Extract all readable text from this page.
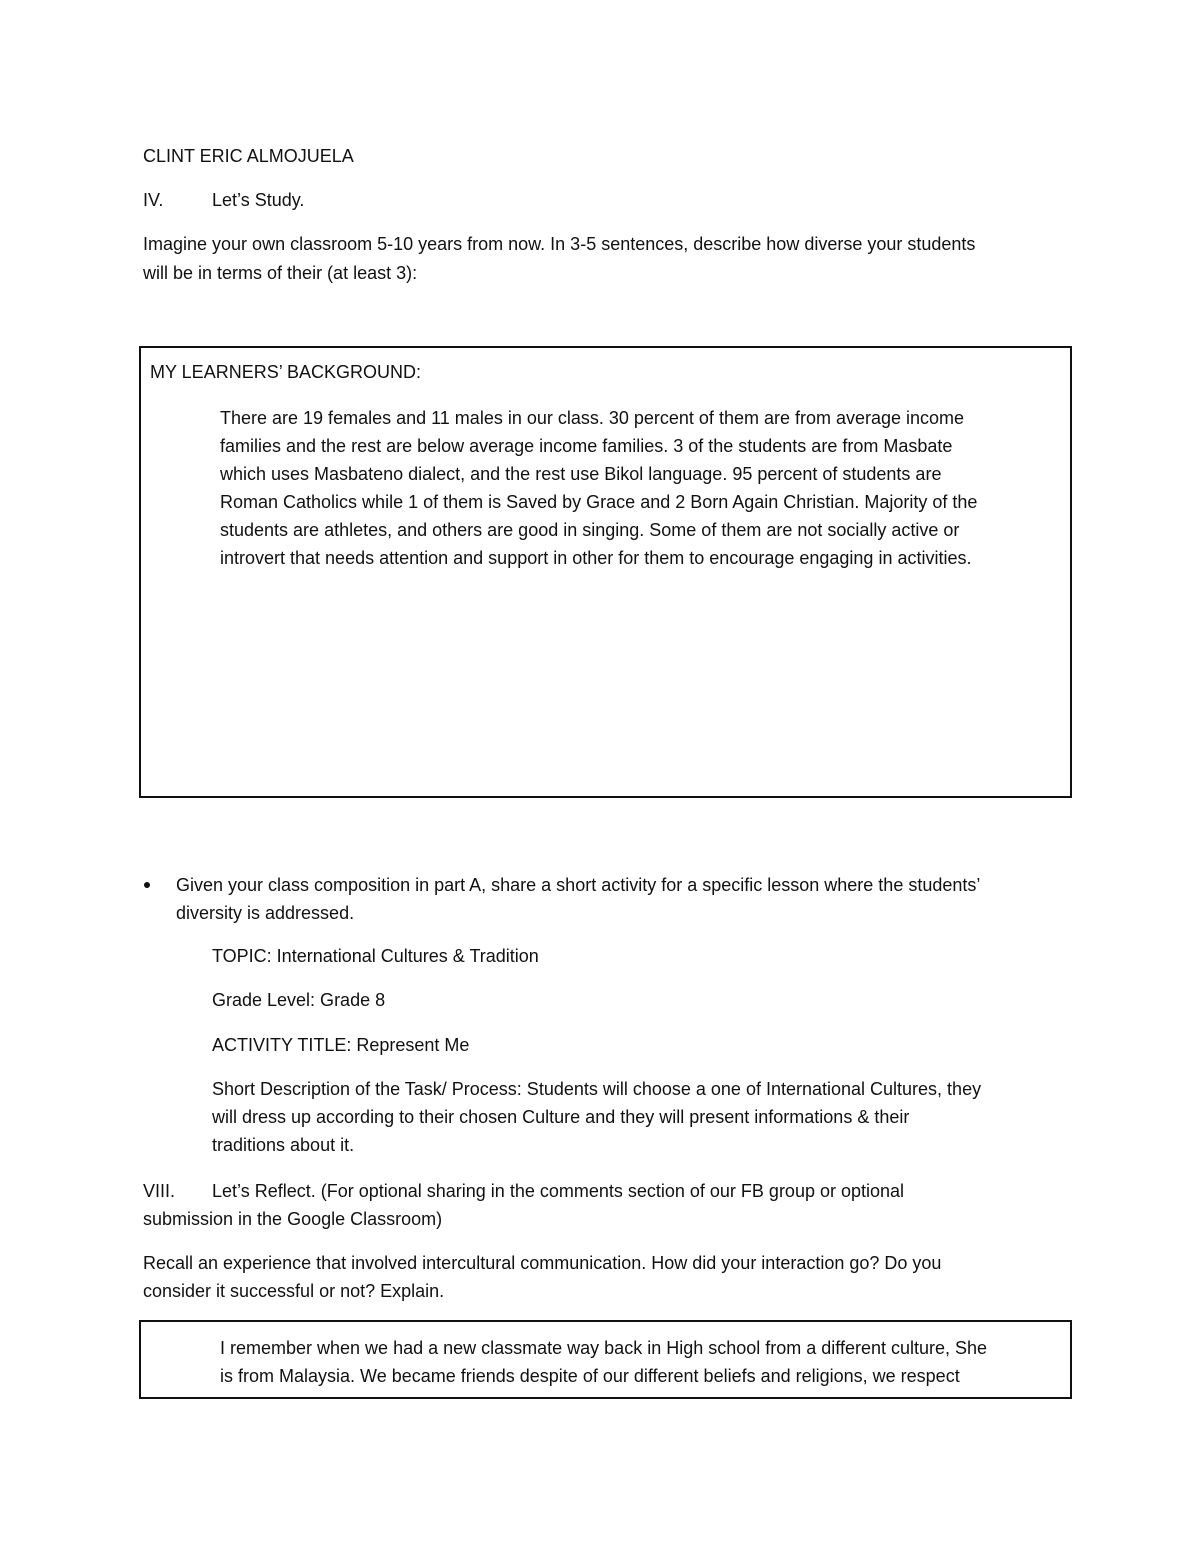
CLINT ERIC ALMOJUELA
IV.	Let’s Study.
Imagine your own classroom 5-10 years from now. In 3-5 sentences, describe how diverse your students
will be in terms of their (at least 3):
MY LEARNERS’ BACKGROUND:
There are 19 females and 11 males in our class. 30 percent of them are from average income
families and the rest are below average income families. 3 of the students are from Masbate
which uses Masbateno dialect, and the rest use Bikol language. 95 percent of students are
Roman Catholics while 1 of them is Saved by Grace and 2 Born Again Christian. Majority of the
students are athletes, and others are good in singing. Some of them are not socially active or
introvert that needs attention and support in other for them to encourage engaging in activities.
Given your class composition in part A, share a short activity for a specific lesson where the students’
diversity is addressed.
TOPIC: International Cultures & Tradition
Grade Level: Grade 8
ACTIVITY TITLE: Represent Me
Short Description of the Task/ Process: Students will choose a one of International Cultures, they
will dress up according to their chosen Culture and they will present informations & their
traditions about it.
VIII. Let’s Reflect. (For optional sharing in the comments section of our FB group or optional
submission in the Google Classroom)
Recall an experience that involved intercultural communication. How did your interaction go? Do you
consider it successful or not? Explain.
I remember when we had a new classmate way back in High school from a different culture, She
is from Malaysia. We became friends despite of our different beliefs and religions, we respect
